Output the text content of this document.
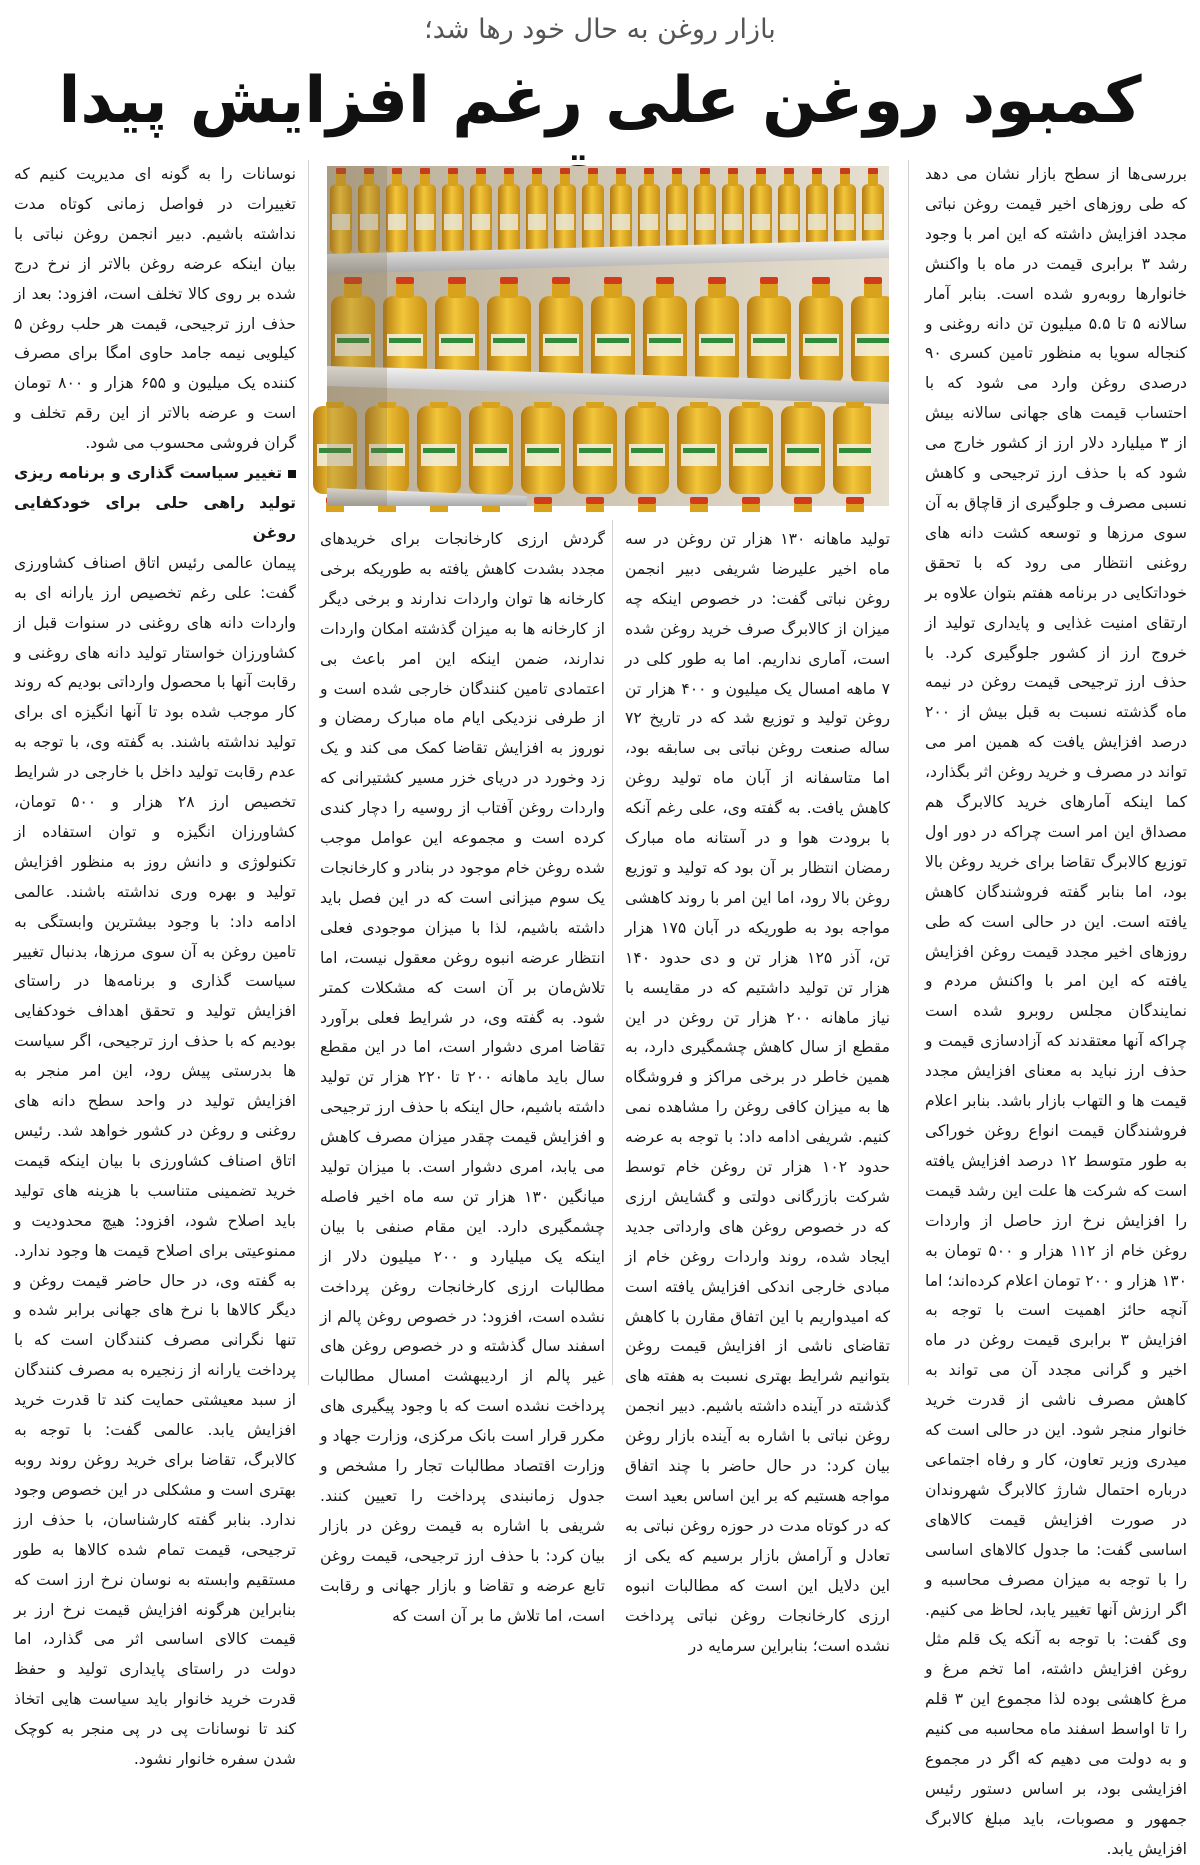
بازار روغن به حال خود رها شد؛
کمبود روغن علی رغم افزایش پیدا

بررسی‌ها از سطح بازار نشان می دهد که طی روزهای اخیر قیمت روغن نباتی مجدد افزایش داشته که این امر با وجود رشد ۳ برابری قیمت در ماه با واکنش خانوارها روبه‌رو شده است. بنابر آمار سالانه ۵ تا ۵.۵ میلیون تن دانه روغنی و کنجاله سویا به منظور تامین کسری ۹۰ درصدی روغن وارد می شود که با احتساب قیمت های جهانی سالانه بیش از ۳ میلیارد دلار ارز از کشور خارج می شود که با حذف ارز ترجیحی و کاهش نسبی مصرف و جلوگیری از قاچاق به آن سوی مرزها و توسعه کشت دانه های روغنی انتظار می رود که با تحقق خوداتکایی در برنامه هفتم بتوان علاوه بر ارتقای امنیت غذایی و پایداری تولید از خروج ارز از کشور جلوگیری کرد. با حذف ارز ترجیحی قیمت روغن در نیمه ماه گذشته نسبت به قبل بیش از ۲۰۰ درصد افزایش یافت که همین امر می تواند در مصرف و خرید روغن اثر بگذارد، کما اینکه آمارهای خرید کالابرگ هم مصداق این امر است چراکه در دور اول توزیع کالابرگ تقاضا برای خرید روغن بالا بود، اما بنابر گفته فروشندگان کاهش یافته است. این در حالی است که طی روزهای اخیر مجدد قیمت روغن افزایش یافته که این امر با واکنش مردم و نمایندگان مجلس روبرو شده است چراکه آنها معتقدند که آزادسازی قیمت و حذف ارز نباید به معنای افزایش مجدد قیمت ها و التهاب بازار باشد. بنابر اعلام فروشندگان قیمت انواع روغن خوراکی به طور متوسط ۱۲ درصد افزایش یافته است که شرکت ها علت این رشد قیمت را افزایش نرخ ارز حاصل از واردات روغن خام از ۱۱۲ هزار و ۵۰۰ تومان به ۱۳۰ هزار و ۲۰۰ تومان اعلام کرده‌اند؛ اما آنچه حائز اهمیت است با توجه به افزایش ۳ برابری قیمت روغن در ماه اخیر و گرانی مجدد آن می تواند به کاهش مصرف ناشی از قدرت خرید خانوار منجر شود. این در حالی است که میدری وزیر تعاون، کار و رفاه اجتماعی درباره احتمال شارژ کالابرگ شهروندان در صورت افزایش قیمت کالاهای اساسی گفت: ما جدول کالاهای اساسی را با توجه به میزان مصرف محاسبه و اگر ارزش آنها تغییر یابد، لحاظ می کنیم. وی گفت: با توجه به آنکه یک قلم مثل روغن افزایش داشته، اما تخم مرغ و مرغ کاهشی بوده لذا مجموع این ۳ قلم را تا اواسط اسفند ماه محاسبه می کنیم و به دولت می دهیم که اگر در مجموع افزایشی بود، بر اساس دستور رئیس جمهور و مصوبات، باید مبلغ کالابرگ افزایش یابد.

تولید ماهانه ۱۳۰ هزار تن روغن در سه ماه اخیر علیرضا شریفی دبیر انجمن روغن نباتی گفت: در خصوص اینکه چه میزان از کالابرگ صرف خرید روغن شده است، آماری نداریم. اما به طور کلی در ۷ ماهه امسال یک میلیون و ۴۰۰ هزار تن روغن تولید و توزیع شد که در تاریخ ۷۲ ساله صنعت روغن نباتی بی سابقه بود، اما متاسفانه از آبان ماه تولید روغن کاهش یافت. به گفته وی، علی رغم آنکه با برودت هوا و در آستانه ماه مبارک رمضان انتظار بر آن بود که تولید و توزیع روغن بالا رود، اما این امر با روند کاهشی مواجه بود به طوریکه در آبان ۱۷۵ هزار تن، آذر ۱۲۵ هزار تن و دی حدود ۱۴۰ هزار تن تولید داشتیم که در مقایسه با نیاز ماهانه ۲۰۰ هزار تن روغن در این مقطع از سال کاهش چشمگیری دارد، به همین خاطر در برخی مراکز و فروشگاه ها به میزان کافی روغن را مشاهده نمی کنیم. شریفی ادامه داد: با توجه به عرضه حدود ۱۰۲ هزار تن روغن خام توسط شرکت بازرگانی دولتی و گشایش ارزی که در خصوص روغن های وارداتی جدید ایجاد شده، روند واردات روغن خام از مبادی خارجی اندکی افزایش یافته است که امیدواریم با این اتفاق مقارن با کاهش تقاضای ناشی از افزایش قیمت روغن بتوانیم شرایط بهتری نسبت به هفته های گذشته در آینده داشته باشیم. دبیر انجمن روغن نباتی با اشاره به آینده بازار روغن بیان کرد: در حال حاضر با چند اتفاق مواجه هستیم که بر این اساس بعید است که در کوتاه مدت در حوزه روغن نباتی به تعادل و آرامش بازار برسیم که یکی از این دلایل این است که مطالبات انبوه ارزی کارخانجات روغن نباتی پرداخت نشده است؛ بنابراین سرمایه در

گردش ارزی کارخانجات برای خریدهای مجدد بشدت کاهش یافته به طوریکه برخی کارخانه ها توان واردات ندارند و برخی دیگر از کارخانه ها به میزان گذشته امکان واردات ندارند، ضمن اینکه این امر باعث بی اعتمادی تامین کنندگان خارجی شده است و از طرفی نزدیکی ایام ماه مبارک رمضان و نوروز به افزایش تقاضا کمک می کند و یک زد وخورد در دریای خزر مسیر کشتیرانی که واردات روغن آفتاب از روسیه را دچار کندی کرده است و مجموعه این عوامل موجب شده روغن خام موجود در بنادر و کارخانجات یک سوم میزانی است که در این فصل باید داشته باشیم، لذا با میزان موجودی فعلی انتظار عرضه انبوه روغن معقول نیست، اما تلاش‌مان بر آن است که مشکلات کمتر شود. به گفته وی، در شرایط فعلی برآورد تقاضا امری دشوار است، اما در این مقطع سال باید ماهانه ۲۰۰ تا ۲۲۰ هزار تن تولید داشته باشیم، حال اینکه با حذف ارز ترجیحی و افزایش قیمت چقدر میزان مصرف کاهش می یابد، امری دشوار است. با میزان تولید میانگین ۱۳۰ هزار تن سه ماه اخیر فاصله چشمگیری دارد. این مقام صنفی با بیان اینکه یک میلیارد و ۲۰۰ میلیون دلار از مطالبات ارزی کارخانجات روغن پرداخت نشده است، افزود: در خصوص روغن پالم از اسفند سال گذشته و در خصوص روغن های غیر پالم از اردیبهشت امسال مطالبات پرداخت نشده است که با وجود پیگیری های مکرر قرار است بانک مرکزی، وزارت جهاد و وزارت اقتصاد مطالبات تجار را مشخص و جدول زمانبندی پرداخت را تعیین کنند. شریفی با اشاره به قیمت روغن در بازار بیان کرد: با حذف ارز ترجیحی، قیمت روغن تابع عرضه و تقاضا و بازار جهانی و رقابت است، اما تلاش ما بر آن است که

نوسانات را به گونه ای مدیریت کنیم که تغییرات در فواصل زمانی کوتاه مدت نداشته باشیم. دبیر انجمن روغن نباتی با بیان اینکه عرضه روغن بالاتر از نرخ درج شده بر روی کالا تخلف است، افزود: بعد از حذف ارز ترجیحی، قیمت هر حلب روغن ۵ کیلویی نیمه جامد حاوی امگا برای مصرف کننده یک میلیون و ۶۵۵ هزار و ۸۰۰ تومان است و عرضه بالاتر از این رقم تخلف و گران فروشی محسوب می شود.

تغییر سیاست گذاری و برنامه ریزی تولید راهی حلی برای خودکفایی روغن

پیمان عالمی رئیس اتاق اصناف کشاورزی گفت: علی رغم تخصیص ارز یارانه ای به واردات دانه های روغنی در سنوات قبل از کشاورزان خواستار تولید دانه های روغنی و رقابت آنها با محصول وارداتی بودیم که روند کار موجب شده بود تا آنها انگیزه ای برای تولید نداشته باشند. به گفته وی، با توجه به عدم رقابت تولید داخل با خارجی در شرایط تخصیص ارز ۲۸ هزار و ۵۰۰ تومان، کشاورزان انگیزه و توان استفاده از تکنولوژی و دانش روز به منظور افزایش تولید و بهره وری نداشته باشند. عالمی ادامه داد: با وجود بیشترین وابستگی به تامین روغن به آن سوی مرزها، بدنبال تغییر سیاست گذاری و برنامه‌ها در راستای افزایش تولید و تحقق اهداف خودکفایی بودیم که با حذف ارز ترجیحی، اگر سیاست ها بدرستی پیش رود، این امر منجر به افزایش تولید در واحد سطح دانه های روغنی و روغن در کشور خواهد شد. رئیس اتاق اصناف کشاورزی با بیان اینکه قیمت خرید تضمینی متناسب با هزینه های تولید باید اصلاح شود، افزود: هیچ محدودیت و ممنوعیتی برای اصلاح قیمت ها وجود ندارد. به گفته وی، در حال حاضر قیمت روغن و دیگر کالاها با نرخ های جهانی برابر شده و تنها نگرانی مصرف کنندگان است که با پرداخت یارانه از زنجیره به مصرف کنندگان از سبد معیشتی حمایت کند تا قدرت خرید افزایش یابد. عالمی گفت: با توجه به کالابرگ، تقاضا برای خرید روغن روند روبه بهتری است و مشکلی در این خصوص وجود ندارد. بنابر گفته کارشناسان، با حذف ارز ترجیحی، قیمت تمام شده کالاها به طور مستقیم وابسته به نوسان نرخ ارز است که بنابراین هرگونه افزایش قیمت نرخ ارز بر قیمت کالای اساسی اثر می گذارد، اما دولت در راستای پایداری تولید و حفظ قدرت خرید خانوار باید سیاست هایی اتخاذ کند تا نوسانات پی در پی منجر به کوچک شدن سفره خانوار نشود.
